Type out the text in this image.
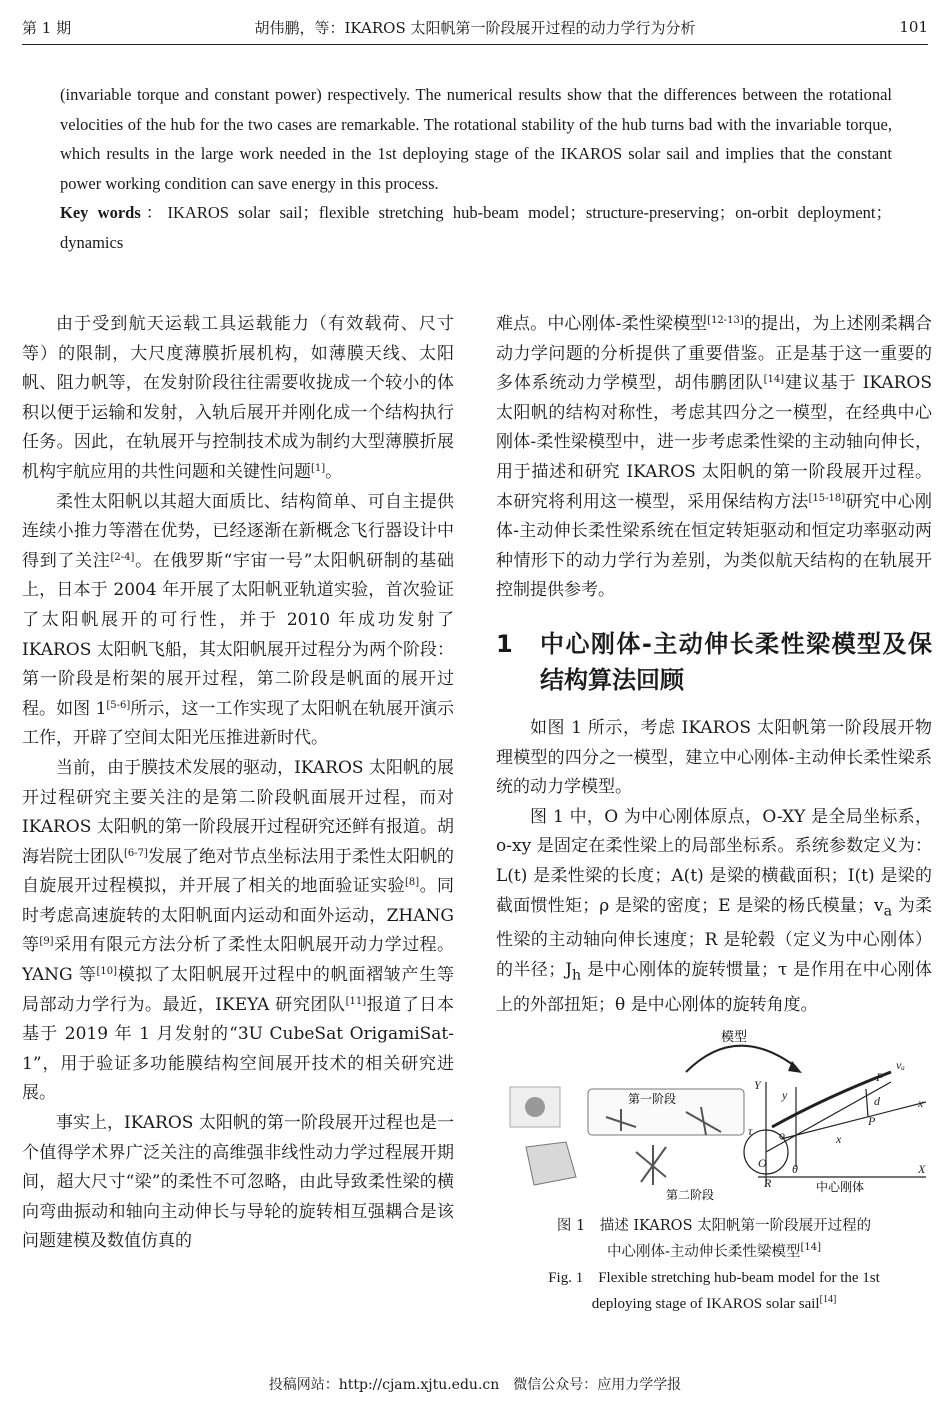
第 1 期	胡伟鹏，等：IKAROS 太阳帆第一阶段展开过程的动力学行为分析	101

(invariable torque and constant power) respectively. The numerical results show that the differences between the rotational velocities of the hub for the two cases are remarkable. The rotational stability of the hub turns bad with the invariable torque, which results in the large work needed in the 1st deploying stage of the IKAROS solar sail and implies that the constant power working condition can save energy in this process.

Key words：IKAROS solar sail；flexible stretching hub-beam model；structure-preserving；on-orbit deployment；dynamics

由于受到航天运载工具运载能力（有效载荷、尺寸等）的限制，大尺度薄膜折展机构，如薄膜天线、太阳帆、阻力帆等，在发射阶段往往需要收拢成一个较小的体积以便于运输和发射，入轨后展开并刚化成一个结构执行任务。因此，在轨展开与控制技术成为制约大型薄膜折展机构宇航应用的共性问题和关键性问题[1]。

柔性太阳帆以其超大面质比、结构简单、可自主提供连续小推力等潜在优势，已经逐渐在新概念飞行器设计中得到了关注[2-4]。在俄罗斯“宇宙一号”太阳帆研制的基础上，日本于 2004 年开展了太阳帆亚轨道实验，首次验证了太阳帆展开的可行性，并于 2010 年成功发射了 IKAROS 太阳帆飞船，其太阳帆展开过程分为两个阶段：第一阶段是桁架的展开过程，第二阶段是帆面的展开过程。如图 1[5-6]所示，这一工作实现了太阳帆在轨展开演示工作，开辟了空间太阳光压推进新时代。

当前，由于膜技术发展的驱动，IKAROS 太阳帆的展开过程研究主要关注的是第二阶段帆面展开过程，而对 IKAROS 太阳帆的第一阶段展开过程研究还鲜有报道。胡海岩院士团队[6-7]发展了绝对节点坐标法用于柔性太阳帆的自旋展开过程模拟，并开展了相关的地面验证实验[8]。同时考虑高速旋转的太阳帆面内运动和面外运动，ZHANG 等[9]采用有限元方法分析了柔性太阳帆展开动力学过程。YANG 等[10]模拟了太阳帆展开过程中的帆面褶皱产生等局部动力学行为。最近，IKEYA 研究团队[11]报道了日本基于 2019 年 1 月发射的“3U CubeSat OrigamiSat-1”，用于验证多功能膜结构空间展开技术的相关研究进展。

事实上，IKAROS 太阳帆的第一阶段展开过程也是一个值得学术界广泛关注的高维强非线性动力学过程展开期间，超大尺寸“梁”的柔性不可忽略，由此导致柔性梁的横向弯曲振动和轴向主动伸长与导轮的旋转相互强耦合是该问题建模及数值仿真的

难点。中心刚体-柔性梁模型[12-13]的提出，为上述刚柔耦合动力学问题的分析提供了重要借鉴。正是基于这一重要的多体系统动力学模型，胡伟鹏团队[14]建议基于 IKAROS 太阳帆的结构对称性，考虑其四分之一模型，在经典中心刚体-柔性梁模型中，进一步考虑柔性梁的主动轴向伸长，用于描述和研究 IKAROS 太阳帆的第一阶段展开过程。本研究将利用这一模型，采用保结构方法[15-18]研究中心刚体-主动伸长柔性梁系统在恒定转矩驱动和恒定功率驱动两种情形下的动力学行为差别，为类似航天结构的在轨展开控制提供参考。

1	中心刚体-主动伸长柔性梁模型及保结构算法回顾

如图 1 所示，考虑 IKAROS 太阳帆第一阶段展开物理模型的四分之一模型，建立中心刚体-主动伸长柔性梁系统的动力学模型。

图 1 中，O 为中心刚体原点，O-XY 是全局坐标系，o-xy 是固定在柔性梁上的局部坐标系。系统参数定义为：L(t) 是柔性梁的长度；A(t) 是梁的横截面积；I(t) 是梁的截面惯性矩；ρ 是梁的密度；E 是梁的杨氏模量；$v_a$ 为柔性梁的主动轴向伸长速度；R 是轮毂（定义为中心刚体）的半径；$J_h$ 是中心刚体的旋转惯量；τ 是作用在中心刚体上的外部扭矩；θ 是中心刚体的旋转角度。

模型
第一阶段
第二阶段
Y
y
X
x
x
P
P′
d
vₐ
o
O
R
τ
θ
中心刚体
图 1　描述 IKAROS 太阳帆第一阶段展开过程的
中心刚体-主动伸长柔性梁模型[14]
Fig. 1　Flexible stretching hub-beam model for the 1st
deploying stage of IKAROS solar sail[14]
投稿网站：http://cjam.xjtu.edu.cn　微信公众号：应用力学学报
